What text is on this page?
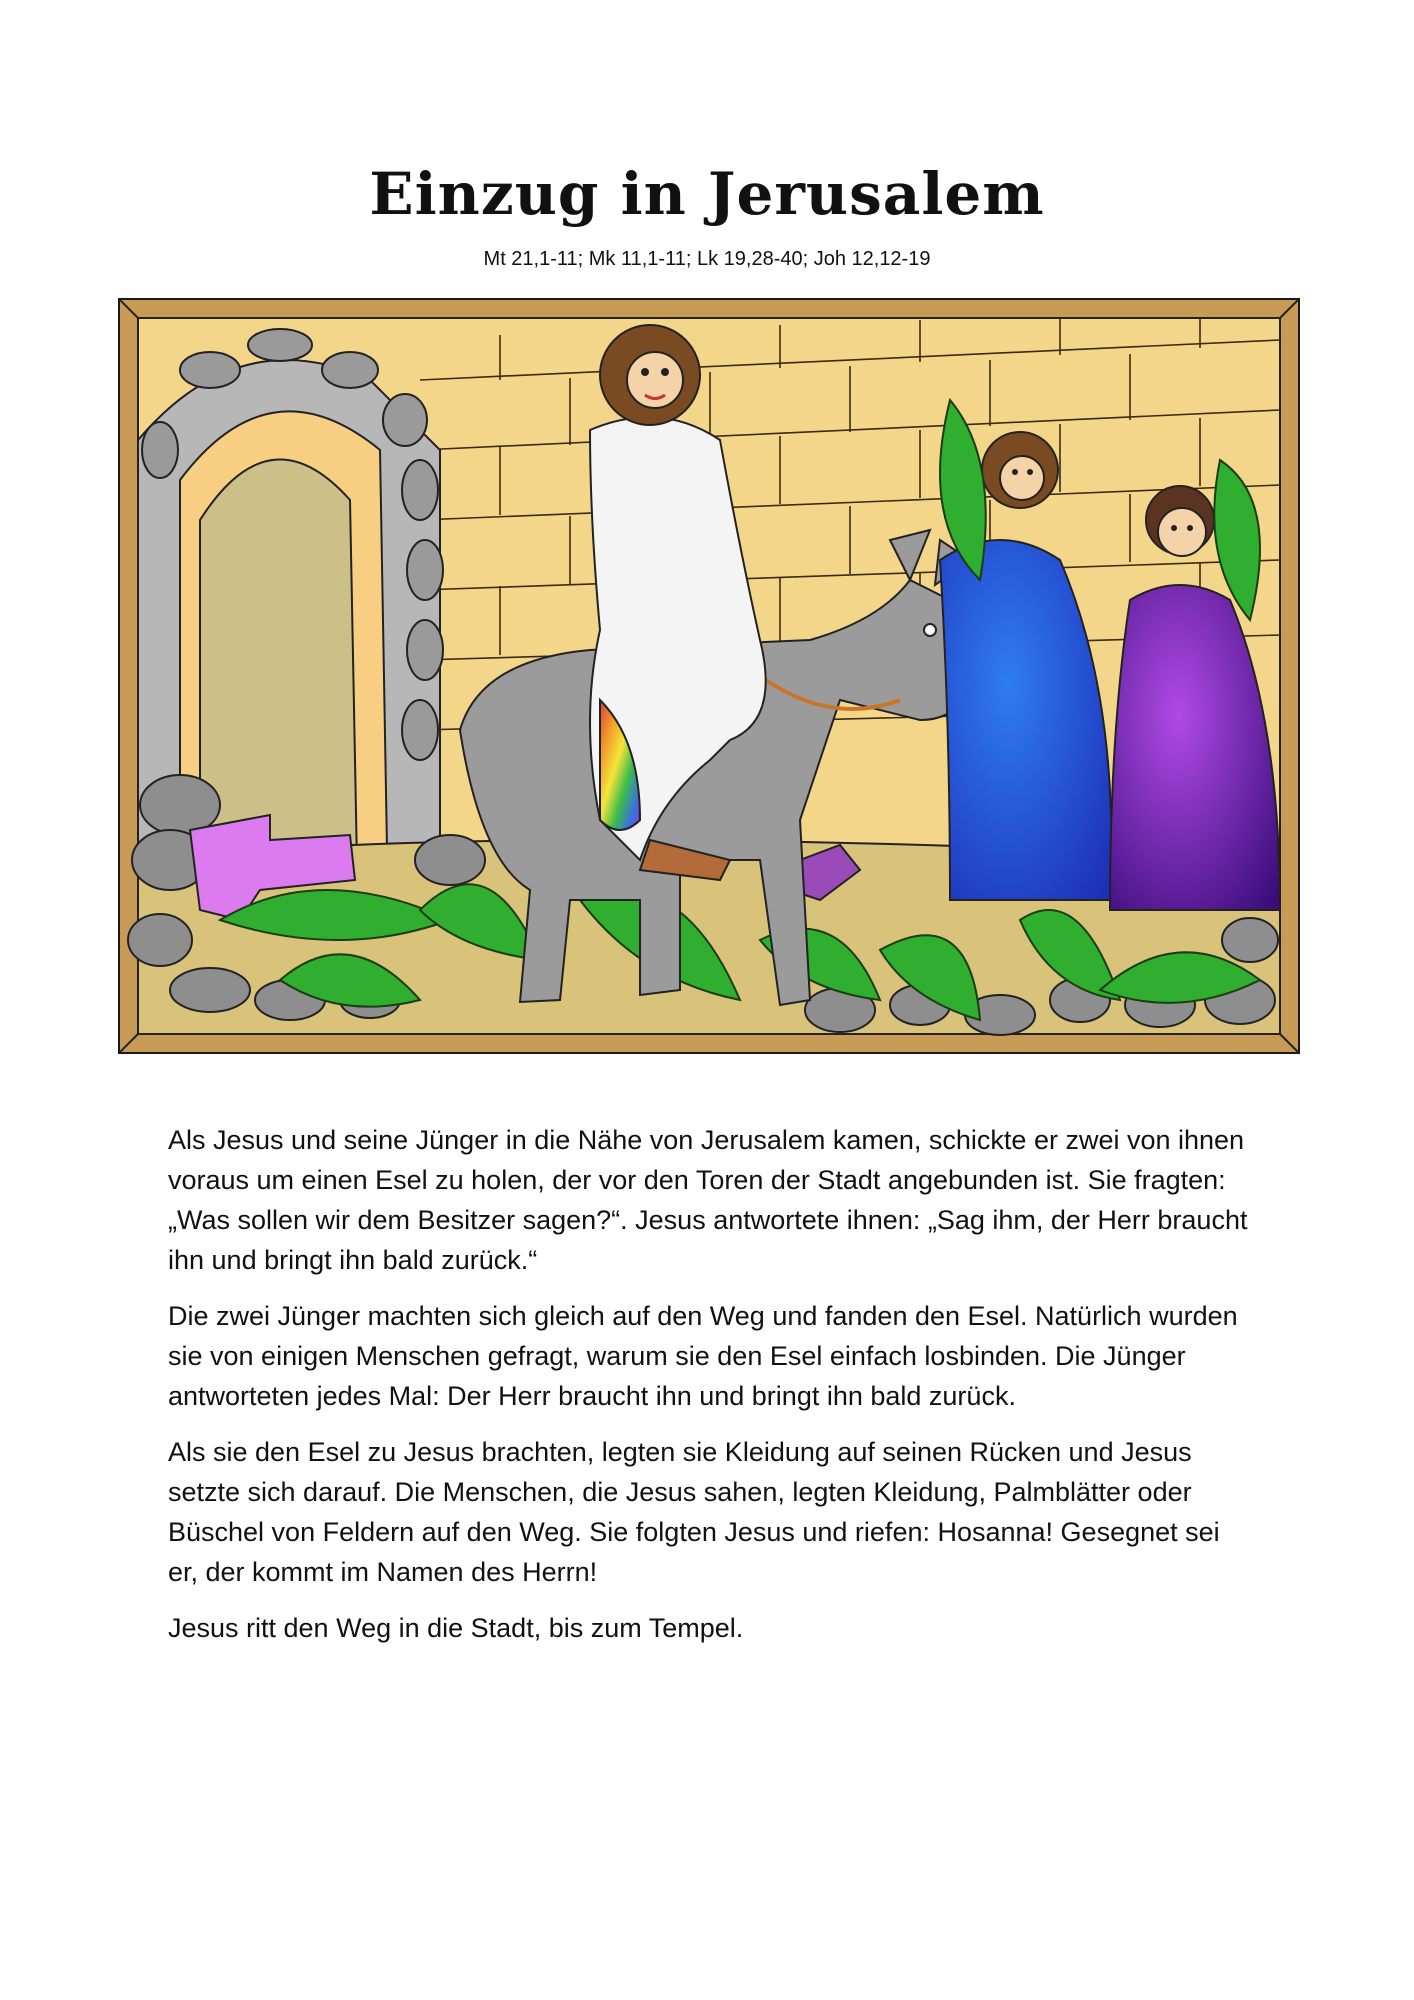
Einzug in Jerusalem
Mt 21,1-11; Mk 11,1-11; Lk 19,28-40; Joh 12,12-19

Als Jesus und seine Jünger in die Nähe von Jerusalem kamen, schickte er zwei von ihnen voraus um einen Esel zu holen, der vor den Toren der Stadt angebunden ist. Sie fragten: „Was sollen wir dem Besitzer sagen?“. Jesus antwortete ihnen: „Sag ihm, der Herr braucht ihn und bringt ihn bald zurück.“

Die zwei Jünger machten sich gleich auf den Weg und fanden den Esel. Natürlich wurden sie von einigen Menschen gefragt, warum sie den Esel einfach losbinden. Die Jünger antworteten jedes Mal: Der Herr braucht ihn und bringt ihn bald zurück.

Als sie den Esel zu Jesus brachten, legten sie Kleidung auf seinen Rücken und Jesus setzte sich darauf. Die Menschen, die Jesus sahen, legten Kleidung, Palmblätter oder Büschel von Feldern auf den Weg. Sie folgten Jesus und riefen: Hosanna! Gesegnet sei er, der kommt im Namen des Herrn!

Jesus ritt den Weg in die Stadt, bis zum Tempel.
